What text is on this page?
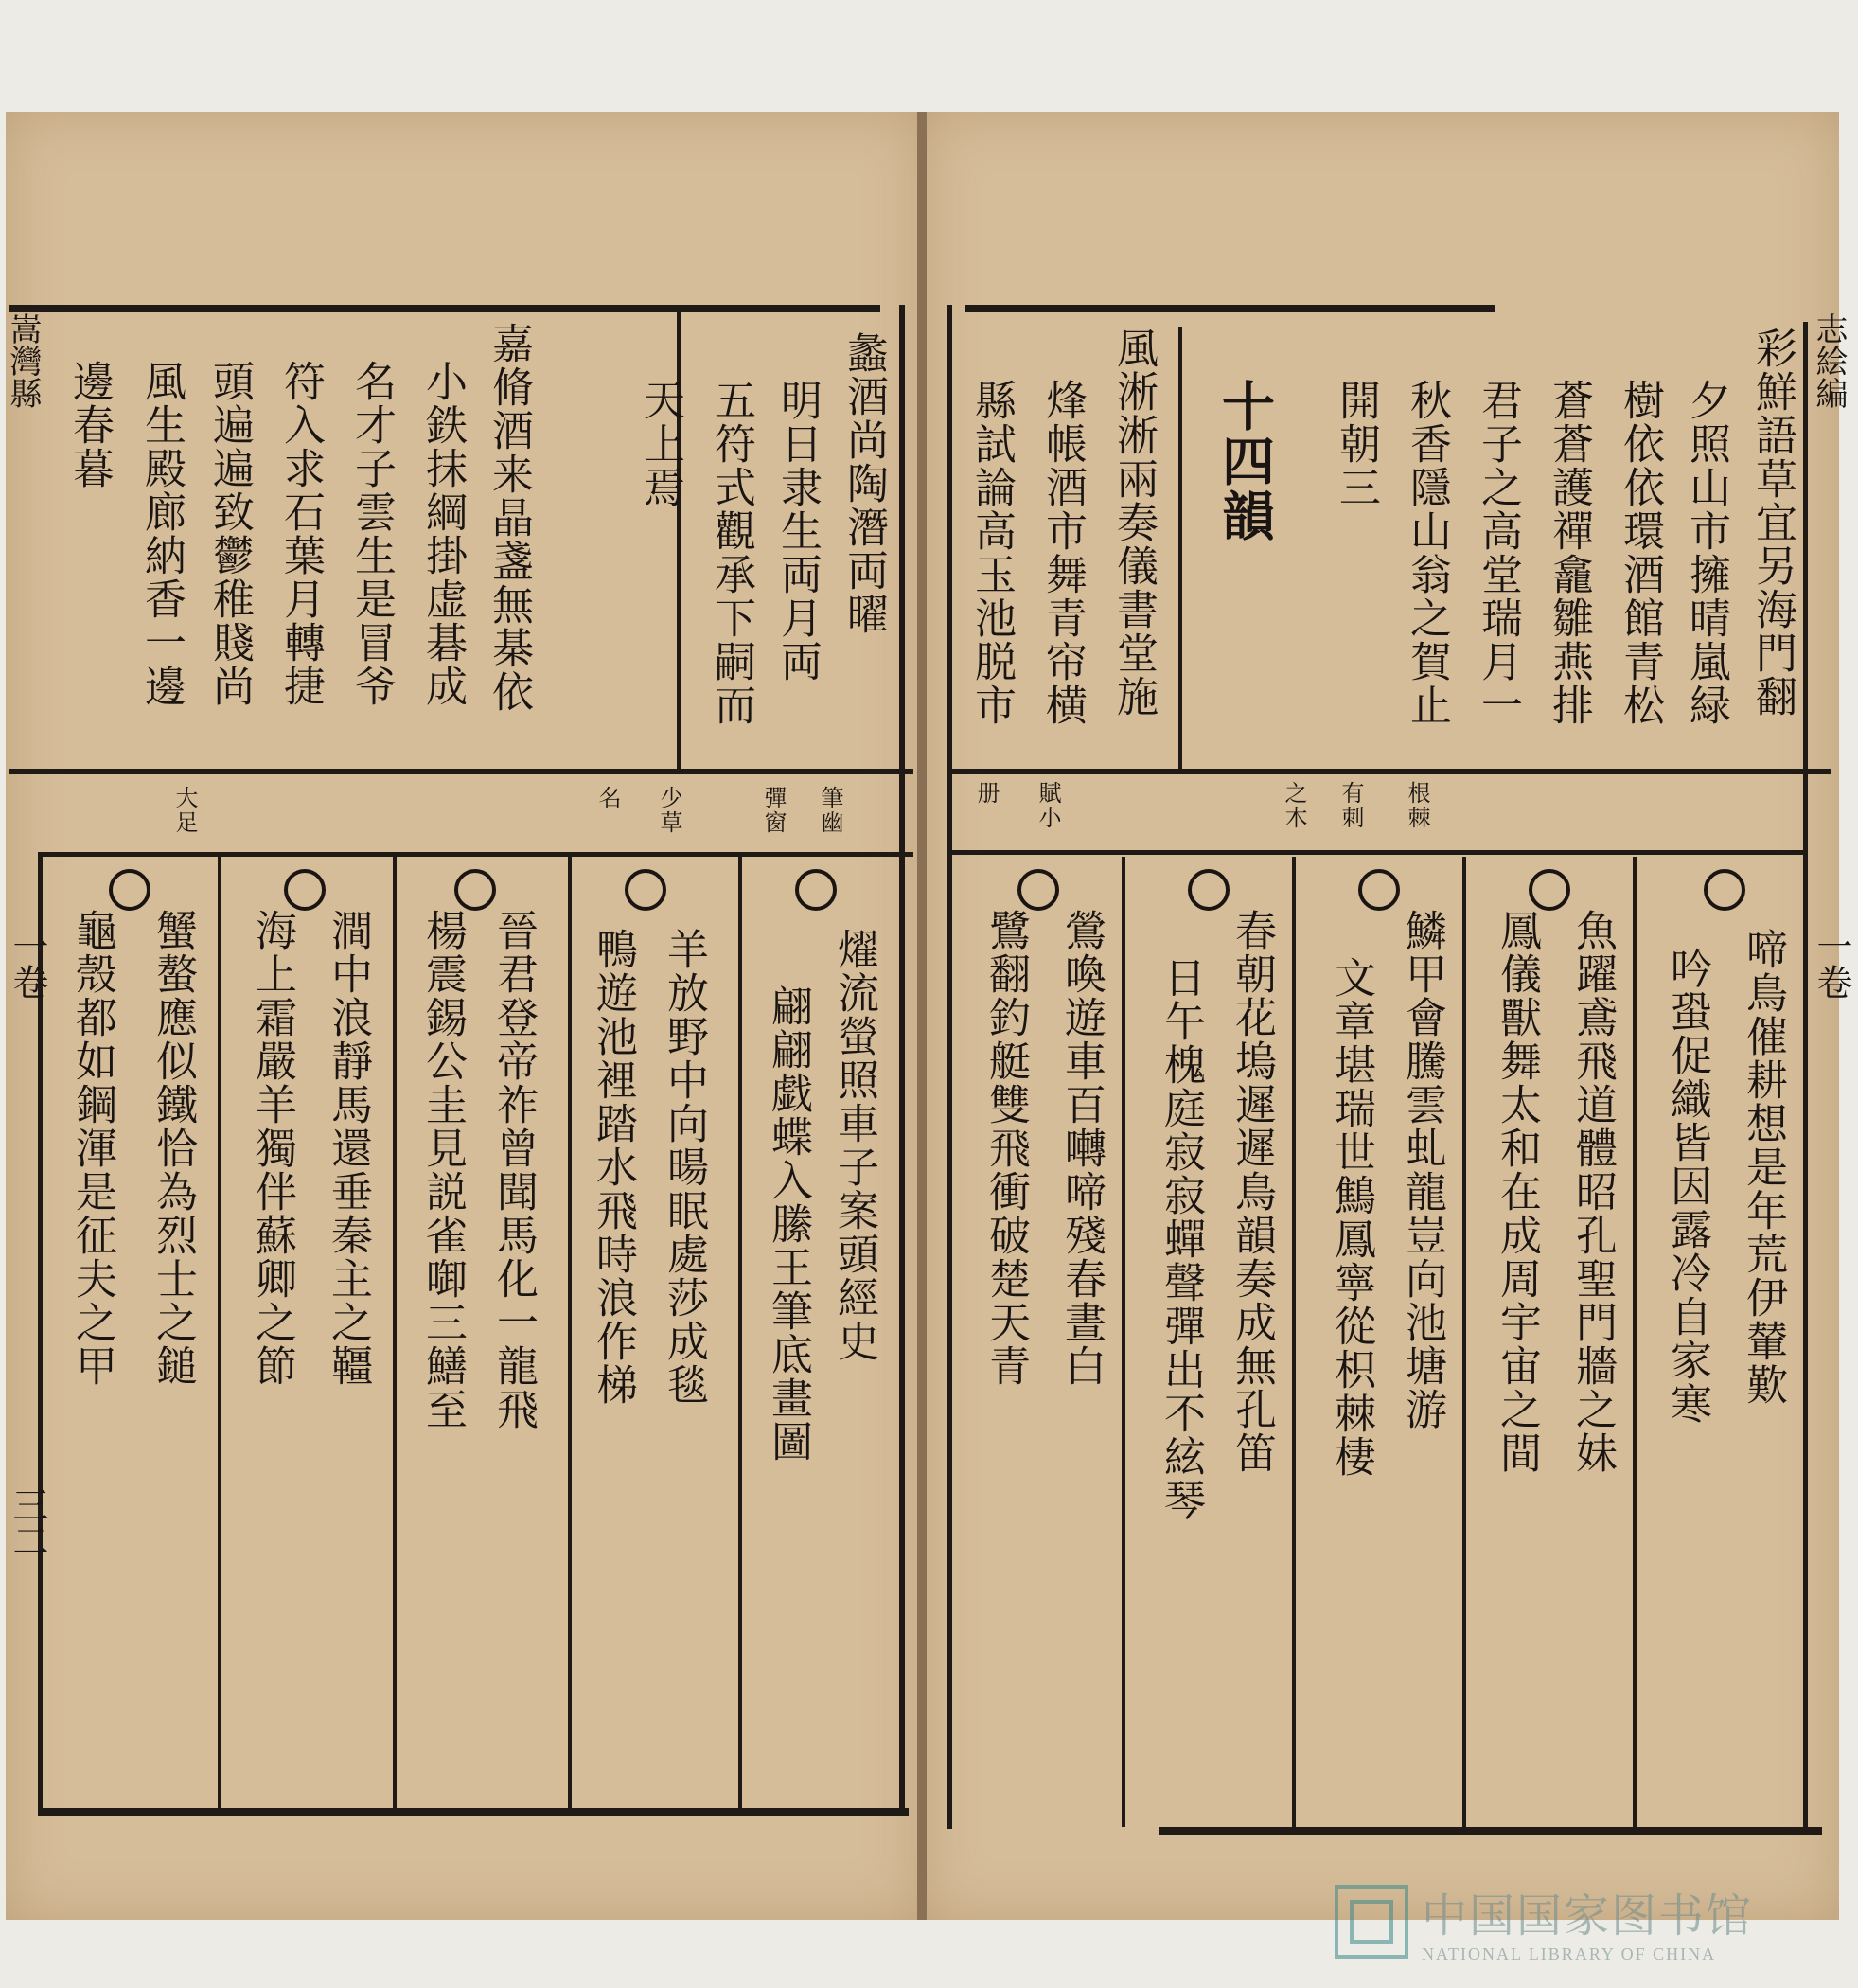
嵩灣縣	志絵編
一卷	一卷
三二
蠡酒尚陶潛両曜
明日隶生両月両
五符式觀承下嗣而
天上焉
嘉脩酒来晶盞無棊依
小鉄抹綱掛虚碁成
名才子雲生是冒爷
符入求石葉月轉捷
頭遍遍致鬱稚賤尚
風生殿廊納香一邊
邊春暮
大足	名 少草	彈窗 筆幽
燿流螢照車子案頭經史
翩翩戯蝶入縢王筆底畫圖
羊放野中向暘眠處莎成毯
鴨遊池裡踏水飛時浪作梯
晉君登帝祚曾聞馬化一龍飛
楊震錫公圭見説雀啣三鱔至
澗中浪靜馬還垂秦主之韁
海上霜嚴羊獨伴蘇卿之節
蟹螯應似鐵恰為烈士之鎚
龜殼都如鋼渾是征夫之甲
彩鮮語草宜另海門翻
夕照山市擁晴嵐緑
樹依依環酒館青松
蒼蒼護禪龕雛燕排
君子之高堂瑞月一
秋香隱山翁之賀止
開朝三
十四韻
風淅淅兩奏儀書堂施
烽帳酒市舞青帘横
縣試論高玉池脱市
根棘
有刺
之木
賦小
册
啼鳥催耕想是年荒伊輦歎
吟蛩促織皆因露冷自家寒
魚躍鳶飛道體昭孔聖門牆之妹
鳳儀獸舞太和在成周宇宙之間
鱗甲會騰雲虬龍豈向池塘游
文章堪瑞世鷦鳳寧從枳棘棲
春朝花塢遲遲鳥韻奏成無孔笛
日午槐庭寂寂蟬聲彈出不絃琴
鶯喚遊車百囀啼殘春晝白
鷺翻釣艇雙飛衝破楚天青
中国国家图书馆
NATIONAL LIBRARY OF CHINA
